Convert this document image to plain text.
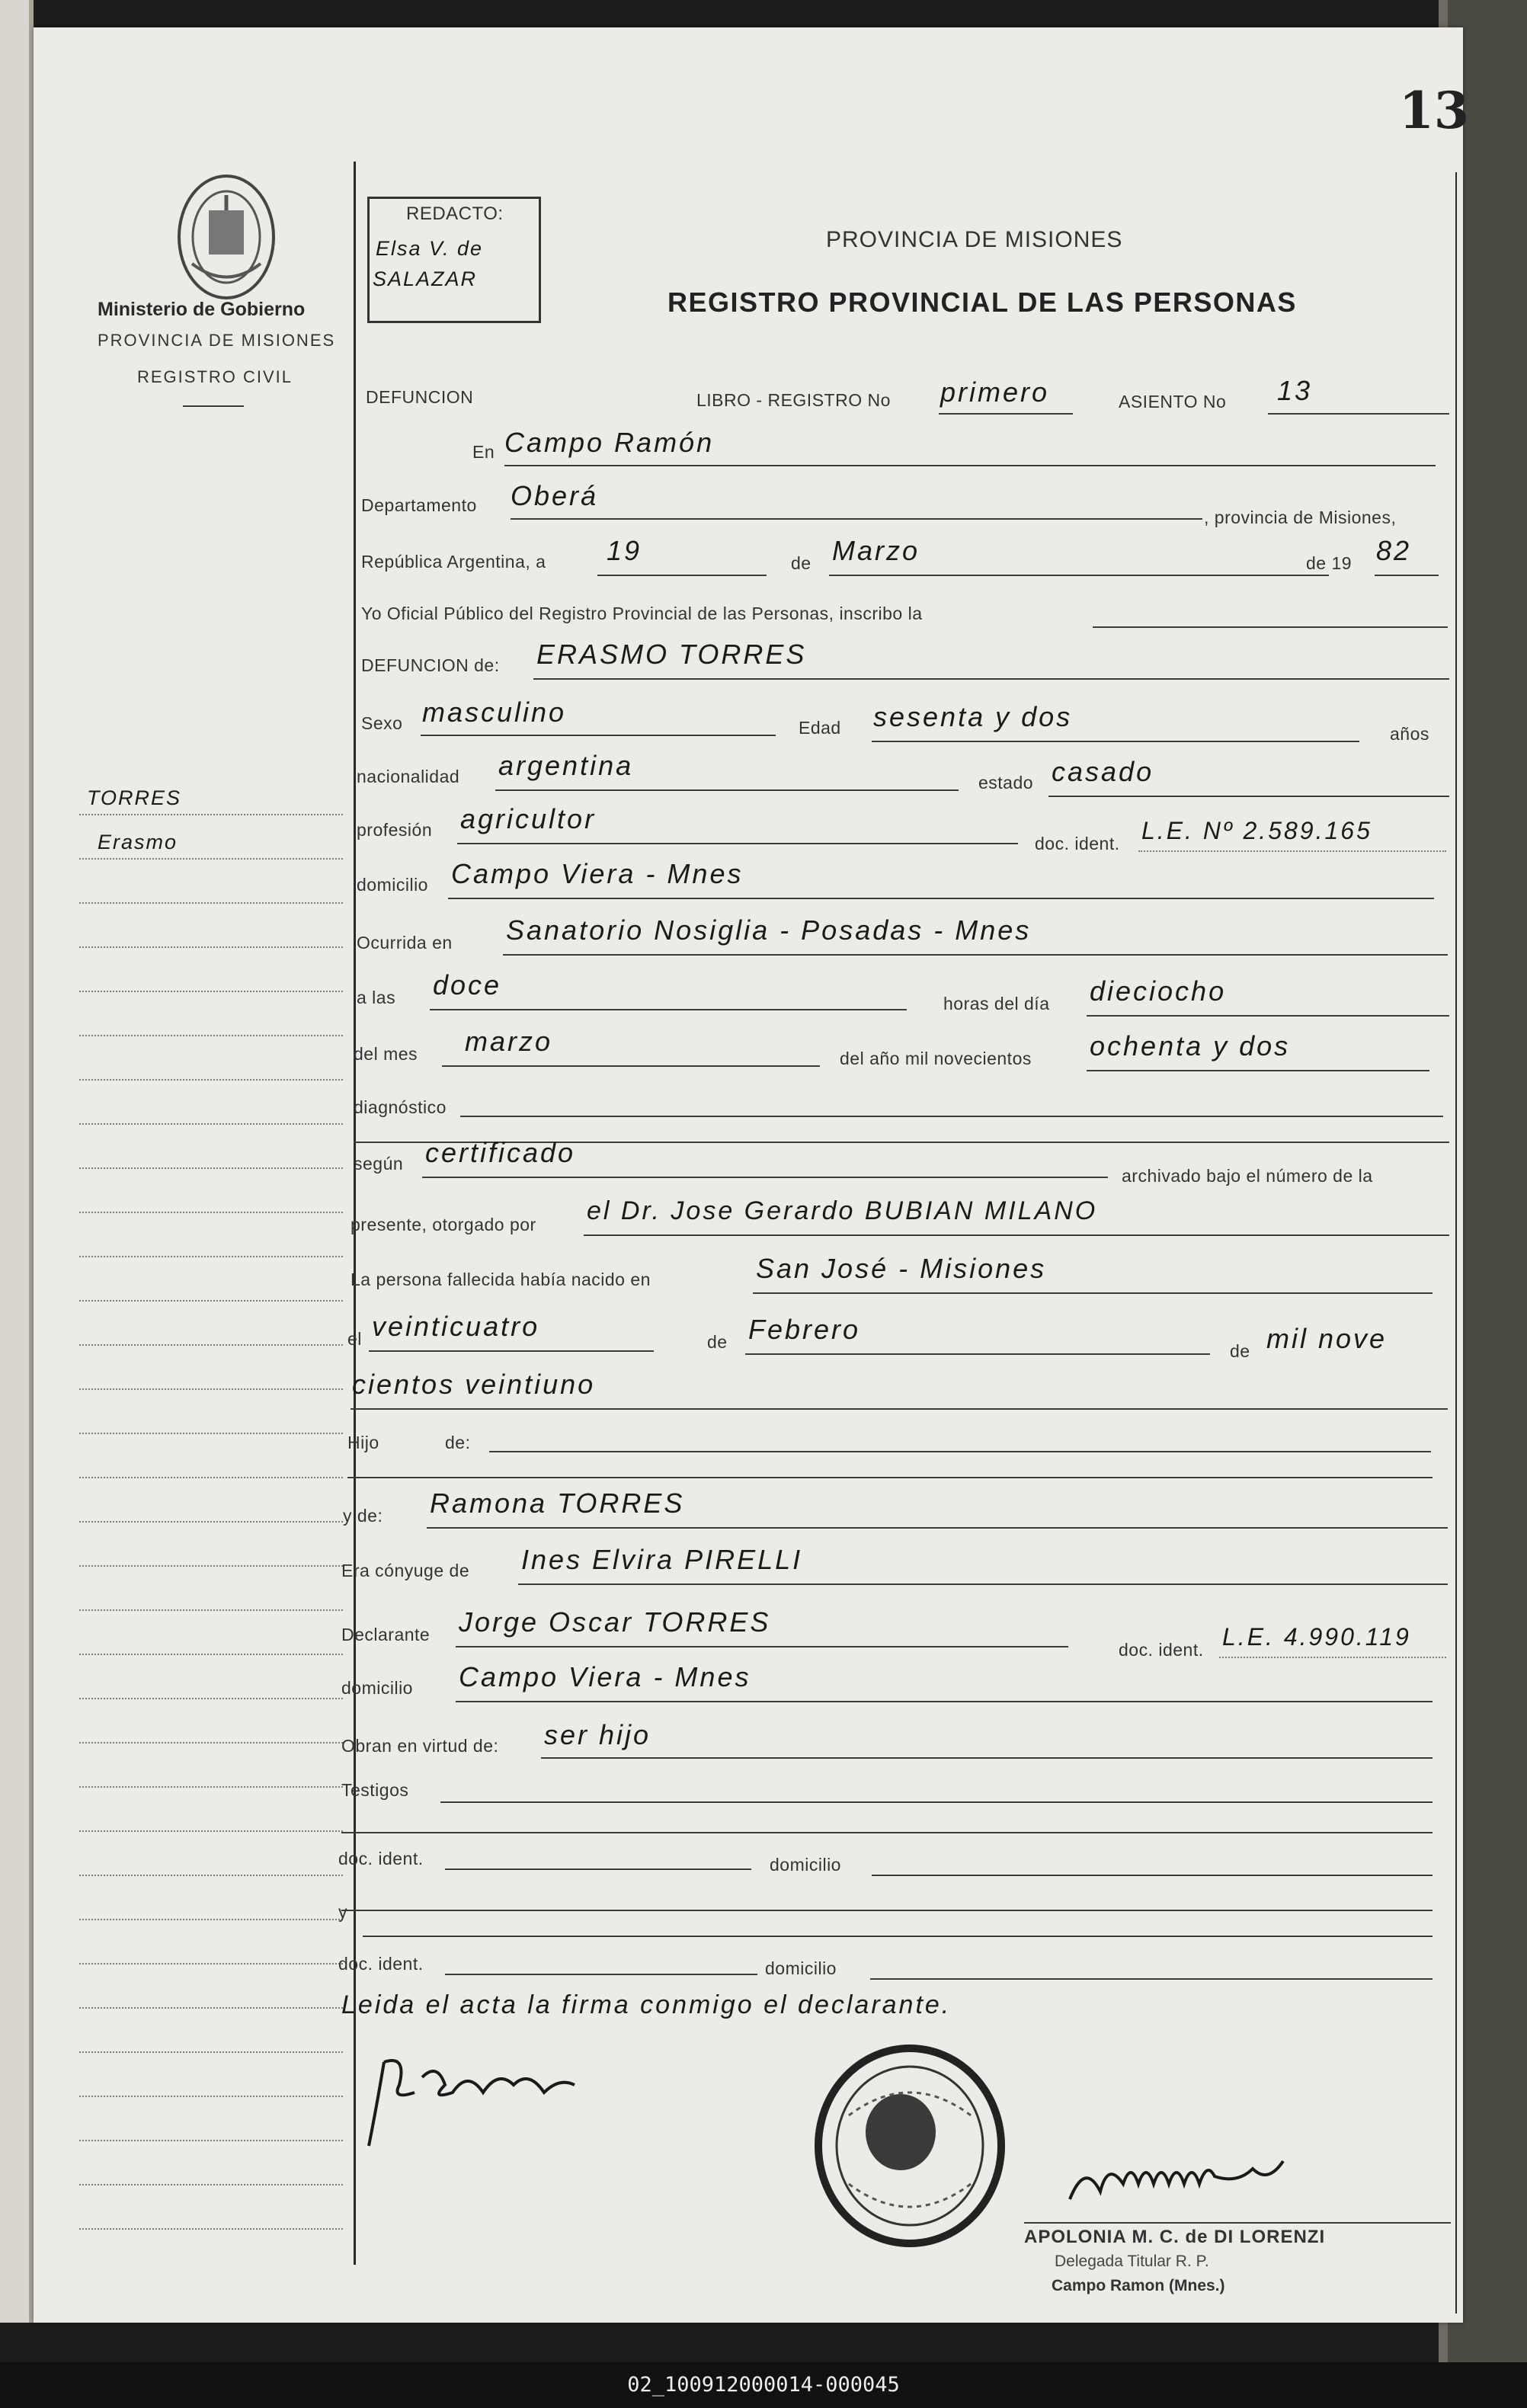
13
Ministerio de Gobierno
PROVINCIA DE MISIONES
REGISTRO CIVIL
REDACTO:
Elsa V. de
SALAZAR
PROVINCIA DE MISIONES
REGISTRO PROVINCIAL DE LAS PERSONAS
TORRES
Erasmo
DEFUNCION	LIBRO - REGISTRO No primero	ASIENTO No 13
En Campo Ramón
Departamento Oberá
, provincia de Misiones,
República Argentina, a 19	de Marzo	de 19 82
Yo Oficial Público del Registro Provincial de las Personas, inscribo la
DEFUNCION de: ERASMO TORRES
Sexo masculino	Edad sesenta y dos
años
nacionalidad argentina
estado casado
profesión agricultor
doc. ident. L.E. Nº 2.589.165
domicilio Campo Viera - Mnes
Ocurrida en Sanatorio Nosiglia - Posadas - Mnes
a las doce
horas del día dieciocho
del mes marzo
del año mil novecientos ochenta y dos
diagnóstico
según certificado
archivado bajo el número de la
presente, otorgado por el Dr. Jose Gerardo BUBIAN MILANO
La persona fallecida había nacido en	San José - Misiones
el veinticuatro	de Febrero
de mil nove
cientos veintiuno
Hijo	de:
y de: Ramona TORRES
Era cónyuge de Ines Elvira PIRELLI
Declarante Jorge Oscar TORRES
doc. ident. L.E. 4.990.119
domicilio Campo Viera - Mnes
Obran en virtud de: ser hijo
Testigos
doc. ident.	domicilio
y
doc. ident.	domicilio
Leida el acta la firma conmigo el declarante.
APOLONIA M. C. de DI LORENZI
Delegada Titular R. P.
Campo Ramon (Mnes.)
02_100912000014-000045
